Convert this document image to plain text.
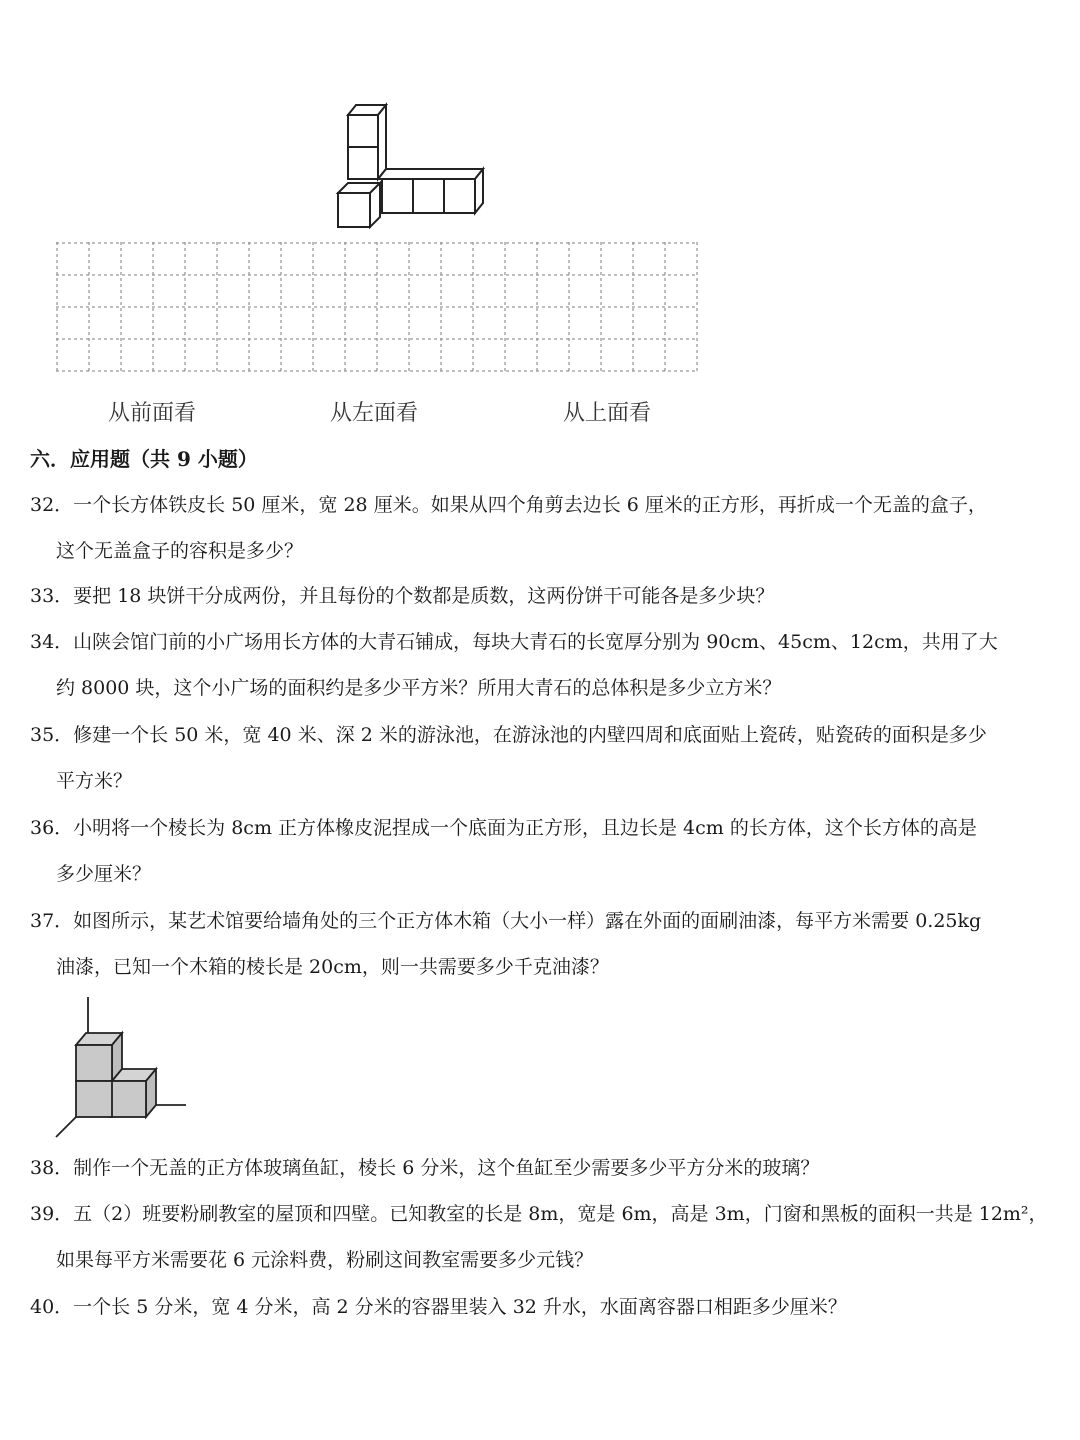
从前面看	从左面看	从上面看
六．应用题（共 9 小题）
32．一个长方体铁皮长 50 厘米，宽 28 厘米。如果从四个角剪去边长 6 厘米的正方形，再折成一个无盖的盒子，
这个无盖盒子的容积是多少？
33．要把 18 块饼干分成两份，并且每份的个数都是质数，这两份饼干可能各是多少块？
34．山陕会馆门前的小广场用长方体的大青石铺成，每块大青石的长宽厚分别为 90cm、45cm、12cm，共用了大
约 8000 块，这个小广场的面积约是多少平方米？所用大青石的总体积是多少立方米？
35．修建一个长 50 米，宽 40 米、深 2 米的游泳池，在游泳池的内壁四周和底面贴上瓷砖，贴瓷砖的面积是多少
平方米？
36．小明将一个棱长为 8cm 正方体橡皮泥捏成一个底面为正方形，且边长是 4cm 的长方体，这个长方体的高是
多少厘米？
37．如图所示，某艺术馆要给墙角处的三个正方体木箱（大小一样）露在外面的面刷油漆，每平方米需要 0.25kg
油漆，已知一个木箱的棱长是 20cm，则一共需要多少千克油漆？
38．制作一个无盖的正方体玻璃鱼缸，棱长 6 分米，这个鱼缸至少需要多少平方分米的玻璃？
39．五（2）班要粉刷教室的屋顶和四壁。已知教室的长是 8m，宽是 6m，高是 3m，门窗和黑板的面积一共是 12m²，
如果每平方米需要花 6 元涂料费，粉刷这间教室需要多少元钱？
40．一个长 5 分米，宽 4 分米，高 2 分米的容器里装入 32 升水，水面离容器口相距多少厘米？
